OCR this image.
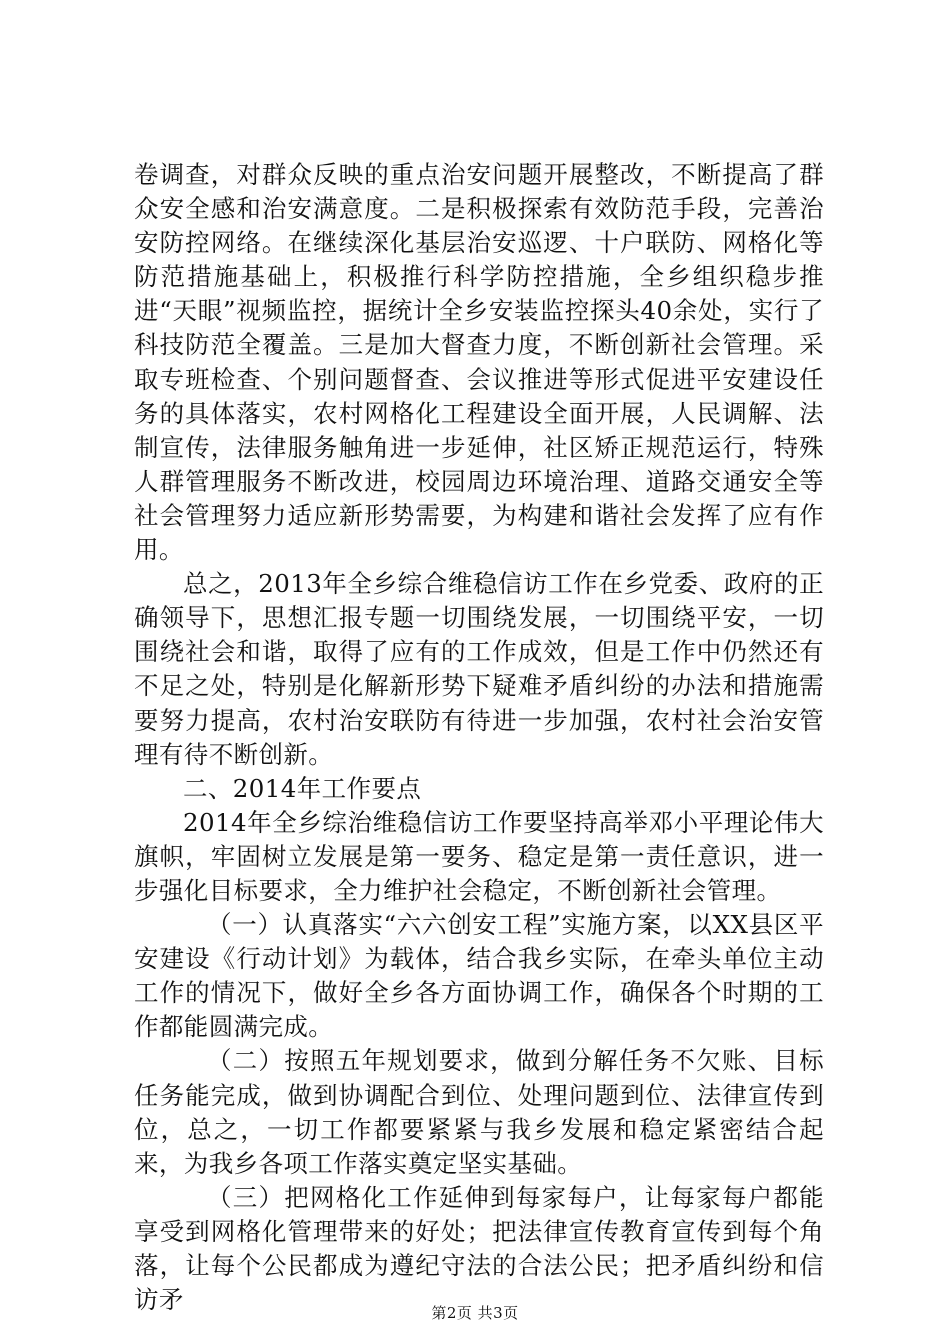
卷调查，对群众反映的重点治安问题开展整改，不断提高了群众安全感和治安满意度。二是积极探索有效防范手段，完善治安防控网络。在继续深化基层治安巡逻、十户联防、网格化等防范措施基础上，积极推行科学防控措施，全乡组织稳步推进“天眼”视频监控，据统计全乡安装监控探头40余处，实行了科技防范全覆盖。三是加大督查力度，不断创新社会管理。采取专班检查、个别问题督查、会议推进等形式促进平安建设任务的具体落实，农村网格化工程建设全面开展，人民调解、法制宣传，法律服务触角进一步延伸，社区矫正规范运行，特殊人群管理服务不断改进，校园周边环境治理、道路交通安全等社会管理努力适应新形势需要，为构建和谐社会发挥了应有作用。

总之，2013年全乡综合维稳信访工作在乡党委、政府的正确领导下，思想汇报专题一切围绕发展，一切围绕平安，一切围绕社会和谐，取得了应有的工作成效，但是工作中仍然还有不足之处，特别是化解新形势下疑难矛盾纠纷的办法和措施需要努力提高，农村治安联防有待进一步加强，农村社会治安管理有待不断创新。

二、2014年工作要点

2014年全乡综治维稳信访工作要坚持高举邓小平理论伟大旗帜，牢固树立发展是第一要务、稳定是第一责任意识，进一步强化目标要求，全力维护社会稳定，不断创新社会管理。

（一）认真落实“六六创安工程”实施方案，以XX县区平安建设《行动计划》为载体，结合我乡实际，在牵头单位主动工作的情况下，做好全乡各方面协调工作，确保各个时期的工作都能圆满完成。

（二）按照五年规划要求，做到分解任务不欠账、目标任务能完成，做到协调配合到位、处理问题到位、法律宣传到位，总之，一切工作都要紧紧与我乡发展和稳定紧密结合起来，为我乡各项工作落实奠定坚实基础。

（三）把网格化工作延伸到每家每户，让每家每户都能享受到网格化管理带来的好处；把法律宣传教育宣传到每个角落，让每个公民都成为遵纪守法的合法公民；把矛盾纠纷和信访矛	第2页 共3页
